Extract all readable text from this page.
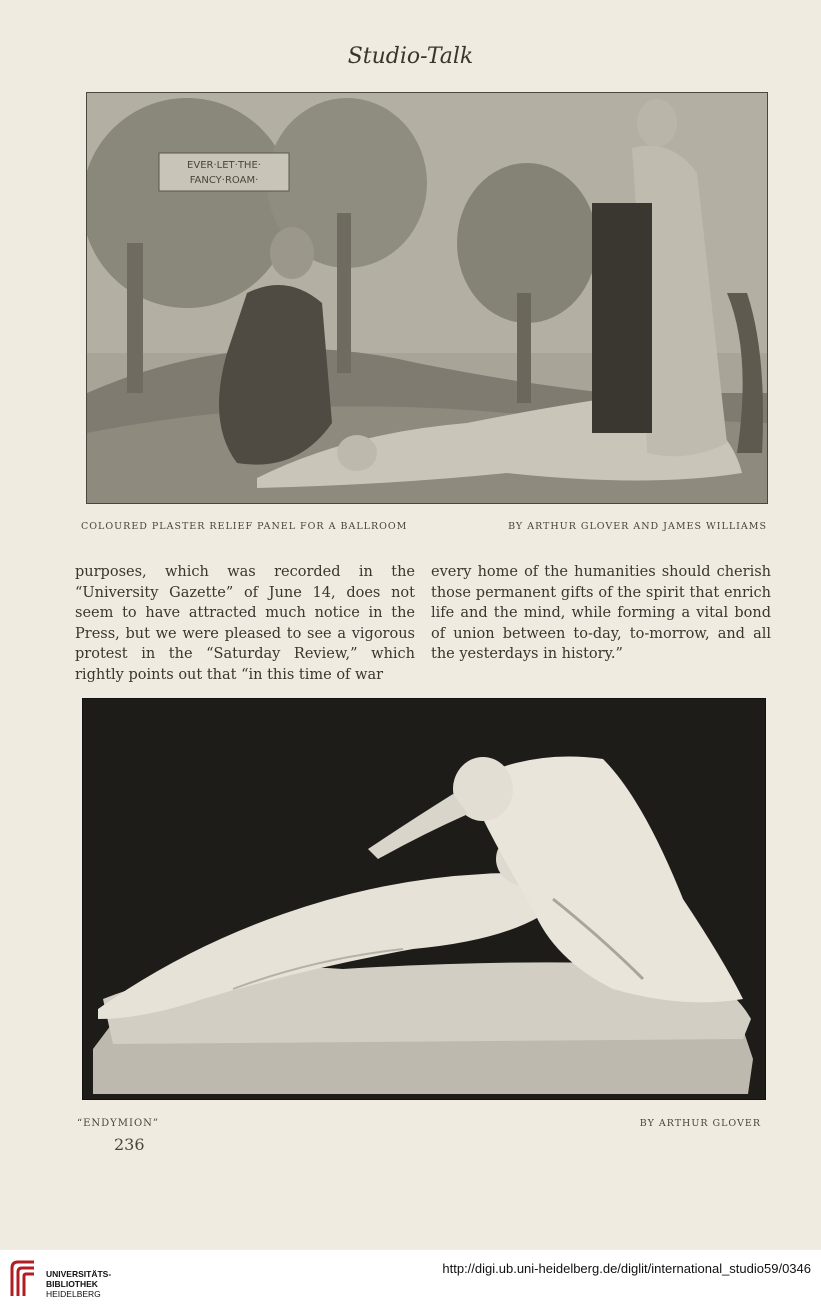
Studio-Talk
EVER·LET·THE·
FANCY·ROAM·
COLOURED PLASTER RELIEF PANEL FOR A BALLROOM	BY ARTHUR GLOVER AND JAMES WILLIAMS
purposes, which was recorded in the “University Gazette” of June 14, does not seem to have attracted much notice in the Press, but we were pleased to see a vigorous protest in the “Saturday Review,” which rightly points out that “in this time of war
every home of the humanities should cherish those permanent gifts of the spirit that enrich life and the mind, while forming a vital bond of union between to-day, to-morrow, and all the yesterdays in history.”
“ENDYMION”	BY ARTHUR GLOVER
236
UNIVERSITÄTS-
BIBLIOTHEK
HEIDELBERG
http://digi.ub.uni-heidelberg.de/diglit/international_studio59/0346
